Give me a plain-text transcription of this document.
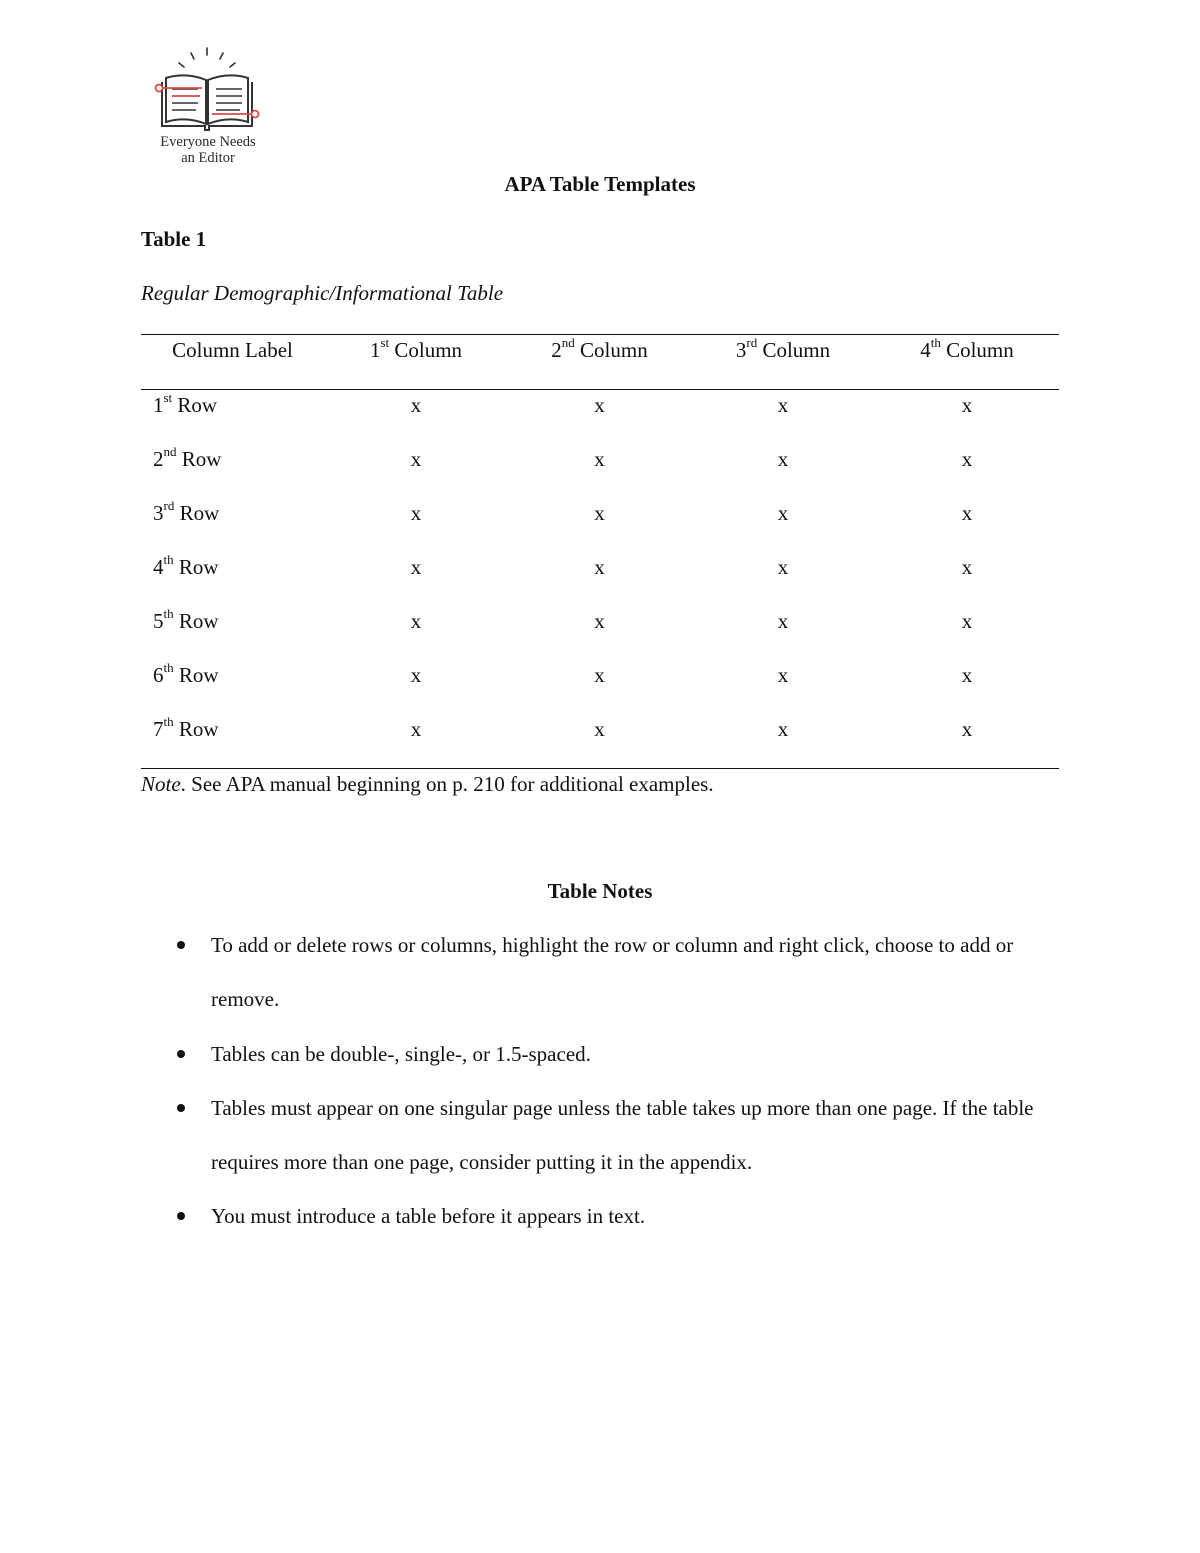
Everyone Needs
an Editor
APA Table Templates
Table 1
Regular Demographic/Informational Table
Column Label	1st Column	2nd Column	3rd Column	4th Column
1st Row	x	x	x	x
2nd Row	x	x	x	x
3rd Row	x	x	x	x
4th Row	x	x	x	x
5th Row	x	x	x	x
6th Row	x	x	x	x
7th Row	x	x	x	x
Note. See APA manual beginning on p. 210 for additional examples.
Table Notes
To add or delete rows or columns, highlight the row or column and right click, choose to add or remove.
Tables can be double-, single-, or 1.5-spaced.
Tables must appear on one singular page unless the table takes up more than one page. If the table requires more than one page, consider putting it in the appendix.
You must introduce a table before it appears in text.
